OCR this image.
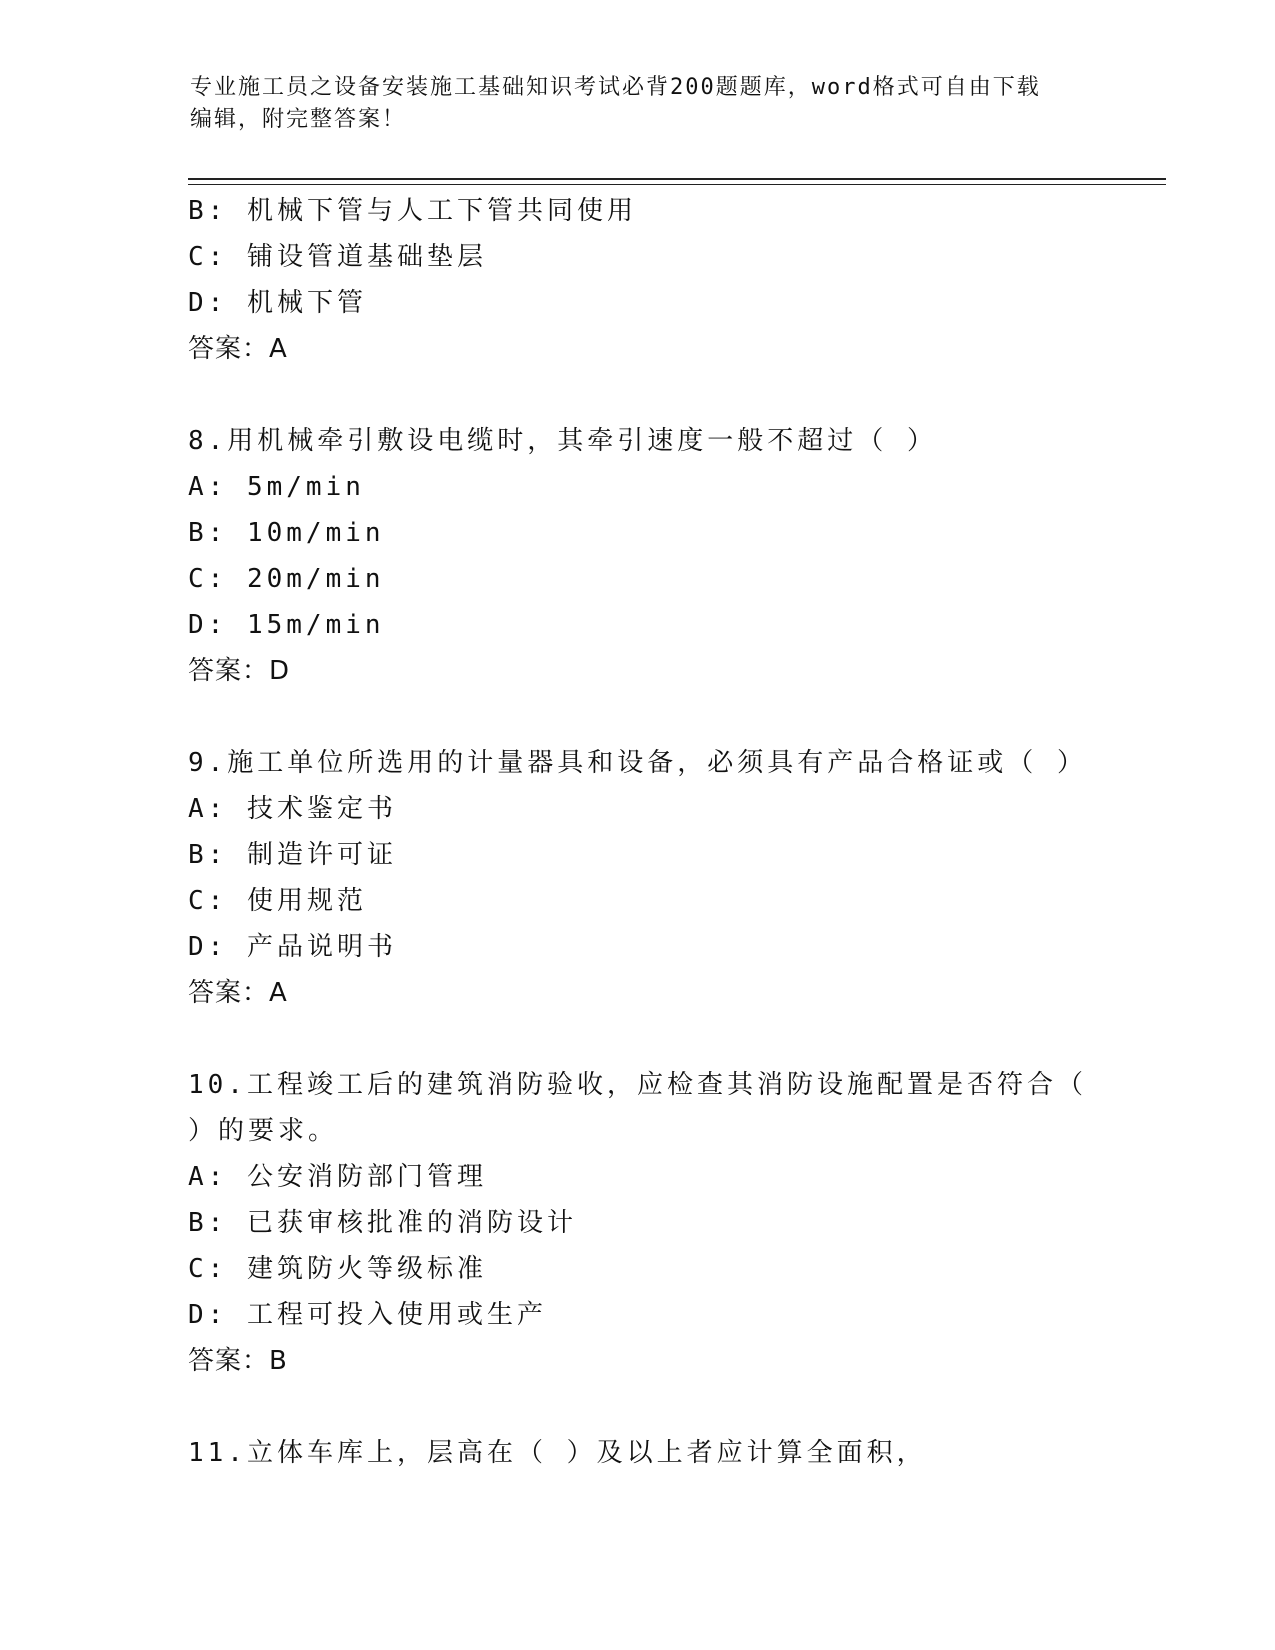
专业施工员之设备安装施工基础知识考试必背200题题库，word格式可自由下载
编辑，附完整答案！
B: 机械下管与人工下管共同使用
C: 铺设管道基础垫层
D: 机械下管
答案：A
8.用机械牵引敷设电缆时，其牵引速度一般不超过（ ）
A: 5m/min
B: 10m/min
C: 20m/min
D: 15m/min
答案：D
9.施工单位所选用的计量器具和设备，必须具有产品合格证或（ ）
A: 技术鉴定书
B: 制造许可证
C: 使用规范
D: 产品说明书
答案：A
10.工程竣工后的建筑消防验收，应检查其消防设施配置是否符合（
）的要求。
A: 公安消防部门管理
B: 已获审核批准的消防设计
C: 建筑防火等级标准
D: 工程可投入使用或生产
答案：B
11.立体车库上，层高在（ ）及以上者应计算全面积，
